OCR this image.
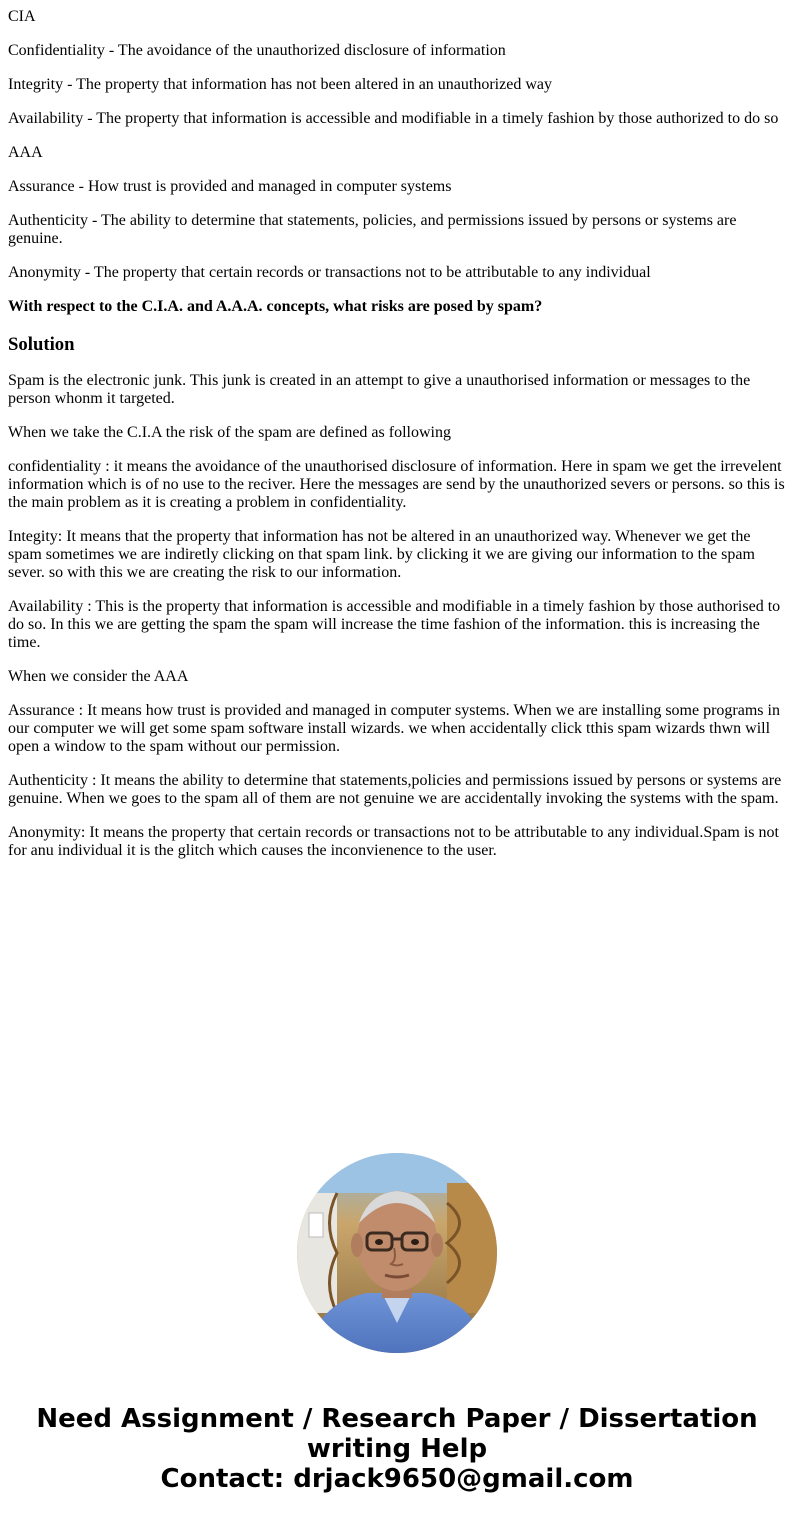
CIA

Confidentiality - The avoidance of the unauthorized disclosure of information

Integrity - The property that information has not been altered in an unauthorized way

Availability - The property that information is accessible and modifiable in a timely fashion by those authorized to do so

AAA

Assurance - How trust is provided and managed in computer systems

Authenticity - The ability to determine that statements, policies, and permissions issued by persons or systems are genuine.

Anonymity - The property that certain records or transactions not to be attributable to any individual

With respect to the C.I.A. and A.A.A. concepts, what risks are posed by spam?

Solution

Spam is the electronic junk. This junk is created in an attempt to give a unauthorised information or messages to the person whonm it targeted.

When we take the C.I.A the risk of the spam are defined as following

confidentiality : it means the avoidance of the unauthorised disclosure of information. Here in spam we get the irrevelent information which is of no use to the reciver. Here the messages are send by the unauthorized severs or persons. so this is the main problem as it is creating a problem in confidentiality.

Integity: It means that the property that information has not be altered in an unauthorized way. Whenever we get the spam sometimes we are indiretly clicking on that spam link. by clicking it we are giving our information to the spam sever. so with this we are creating the risk to our information.

Availability : This is the property that information is accessible and modifiable in a timely fashion by those authorised to do so. In this we are getting the spam the spam will increase the time fashion of the information. this is increasing the time.

When we consider the AAA

Assurance : It means how trust is provided and managed in computer systems. When we are installing some programs in our computer we will get some spam software install wizards. we when accidentally click tthis spam wizards thwn will open a window to the spam without our permission.

Authenticity : It means the ability to determine that statements,policies and permissions issued by persons or systems are genuine. When we goes to the spam all of them are not genuine we are accidentally invoking the systems with the spam.

Anonymity: It means the property that certain records or transactions not to be attributable to any individual.Spam is not for anu individual it is the glitch which causes the inconvienence to the user.

Need Assignment / Research Paper / Dissertation
writing Help
Contact: drjack9650@gmail.com
